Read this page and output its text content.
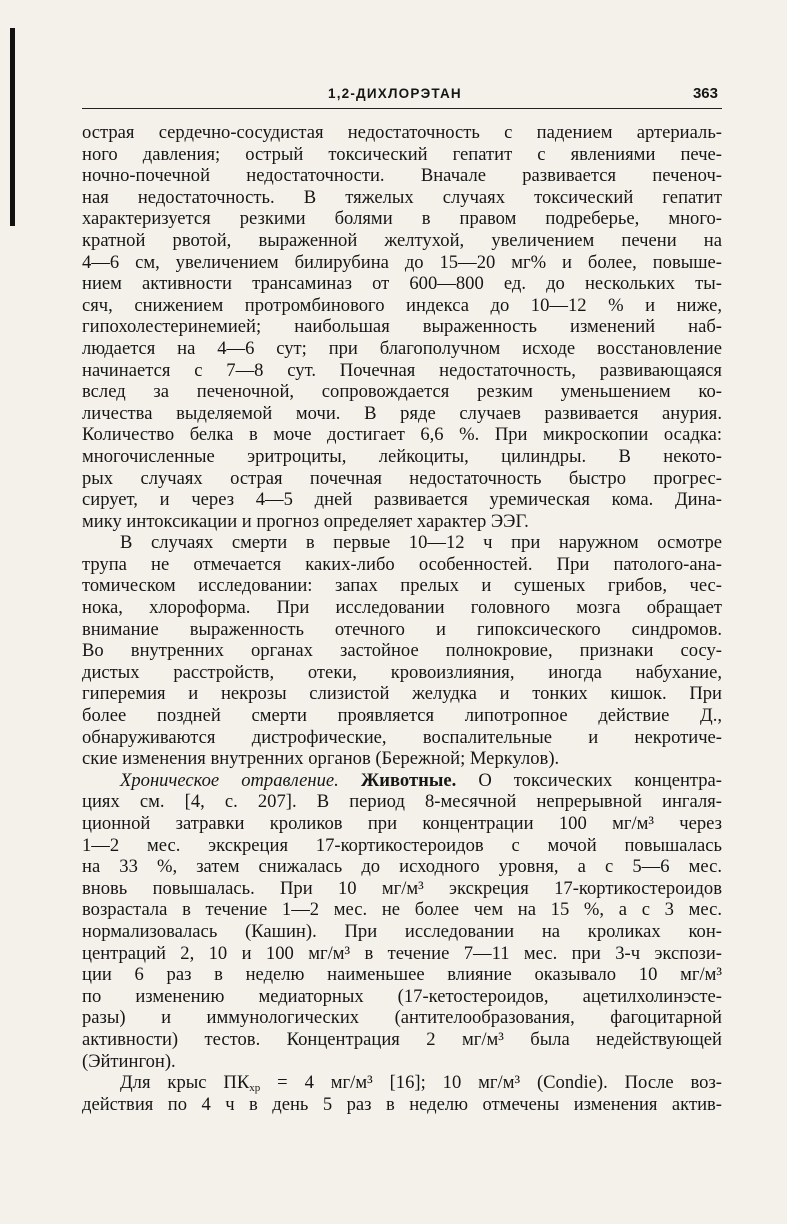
1,2-ДИХЛОРЭТАН	363
острая сердечно-сосудистая недостаточность с падением артериаль-
ного давления; острый токсический гепатит с явлениями пече-
ночно-почечной недостаточности. Вначале развивается печеноч-
ная недостаточность. В тяжелых случаях токсический гепатит
характеризуется резкими болями в правом подреберье, много-
кратной рвотой, выраженной желтухой, увеличением печени на
4—6 см, увеличением билирубина до 15—20 мг% и более, повыше-
нием активности трансаминаз от 600—800 ед. до нескольких ты-
сяч, снижением протромбинового индекса до 10—12 % и ниже,
гипохолестеринемией; наибольшая выраженность изменений наб-
людается на 4—6 сут; при благополучном исходе восстановление
начинается с 7—8 сут. Почечная недостаточность, развивающаяся
вслед за печеночной, сопровождается резким уменьшением ко-
личества выделяемой мочи. В ряде случаев развивается анурия.
Количество белка в моче достигает 6,6 %. При микроскопии осадка:
многочисленные эритроциты, лейкоциты, цилиндры. В некото-
рых случаях острая почечная недостаточность быстро прогрес-
сирует, и через 4—5 дней развивается уремическая кома. Дина-
мику интоксикации и прогноз определяет характер ЭЭГ.
В случаях смерти в первые 10—12 ч при наружном осмотре
трупа не отмечается каких-либо особенностей. При патолого-ана-
томическом исследовании: запах прелых и сушеных грибов, чес-
нока, хлороформа. При исследовании головного мозга обращает
внимание выраженность отечного и гипоксического синдромов.
Во внутренних органах застойное полнокровие, признаки сосу-
дистых расстройств, отеки, кровоизлияния, иногда набухание,
гиперемия и некрозы слизистой желудка и тонких кишок. При
более поздней смерти проявляется липотропное действие Д.,
обнаруживаются дистрофические, воспалительные и некротиче-
ские изменения внутренних органов (Бережной; Меркулов).
Хроническое отравление. Животные. О токсических концентра-
циях см. [4, с. 207]. В период 8-месячной непрерывной ингаля-
ционной затравки кроликов при концентрации 100 мг/м³ через
1—2 мес. экскреция 17-кортикостероидов с мочой повышалась
на 33 %, затем снижалась до исходного уровня, а с 5—6 мес.
вновь повышалась. При 10 мг/м³ экскреция 17-кортикостероидов
возрастала в течение 1—2 мес. не более чем на 15 %, а с 3 мес.
нормализовалась (Кашин). При исследовании на кроликах кон-
центраций 2, 10 и 100 мг/м³ в течение 7—11 мес. при 3-ч экспози-
ции 6 раз в неделю наименьшее влияние оказывало 10 мг/м³
по изменению медиаторных (17-кетостероидов, ацетилхолинэсте-
разы) и иммунологических (антителообразования, фагоцитарной
активности) тестов. Концентрация 2 мг/м³ была недействующей
(Эйтингон).
Для крыс $ПК_{хр} = 4$ мг/м³ [16]; 10 мг/м³ (Condie). После воз-
действия по 4 ч в день 5 раз в неделю отмечены изменения актив-
